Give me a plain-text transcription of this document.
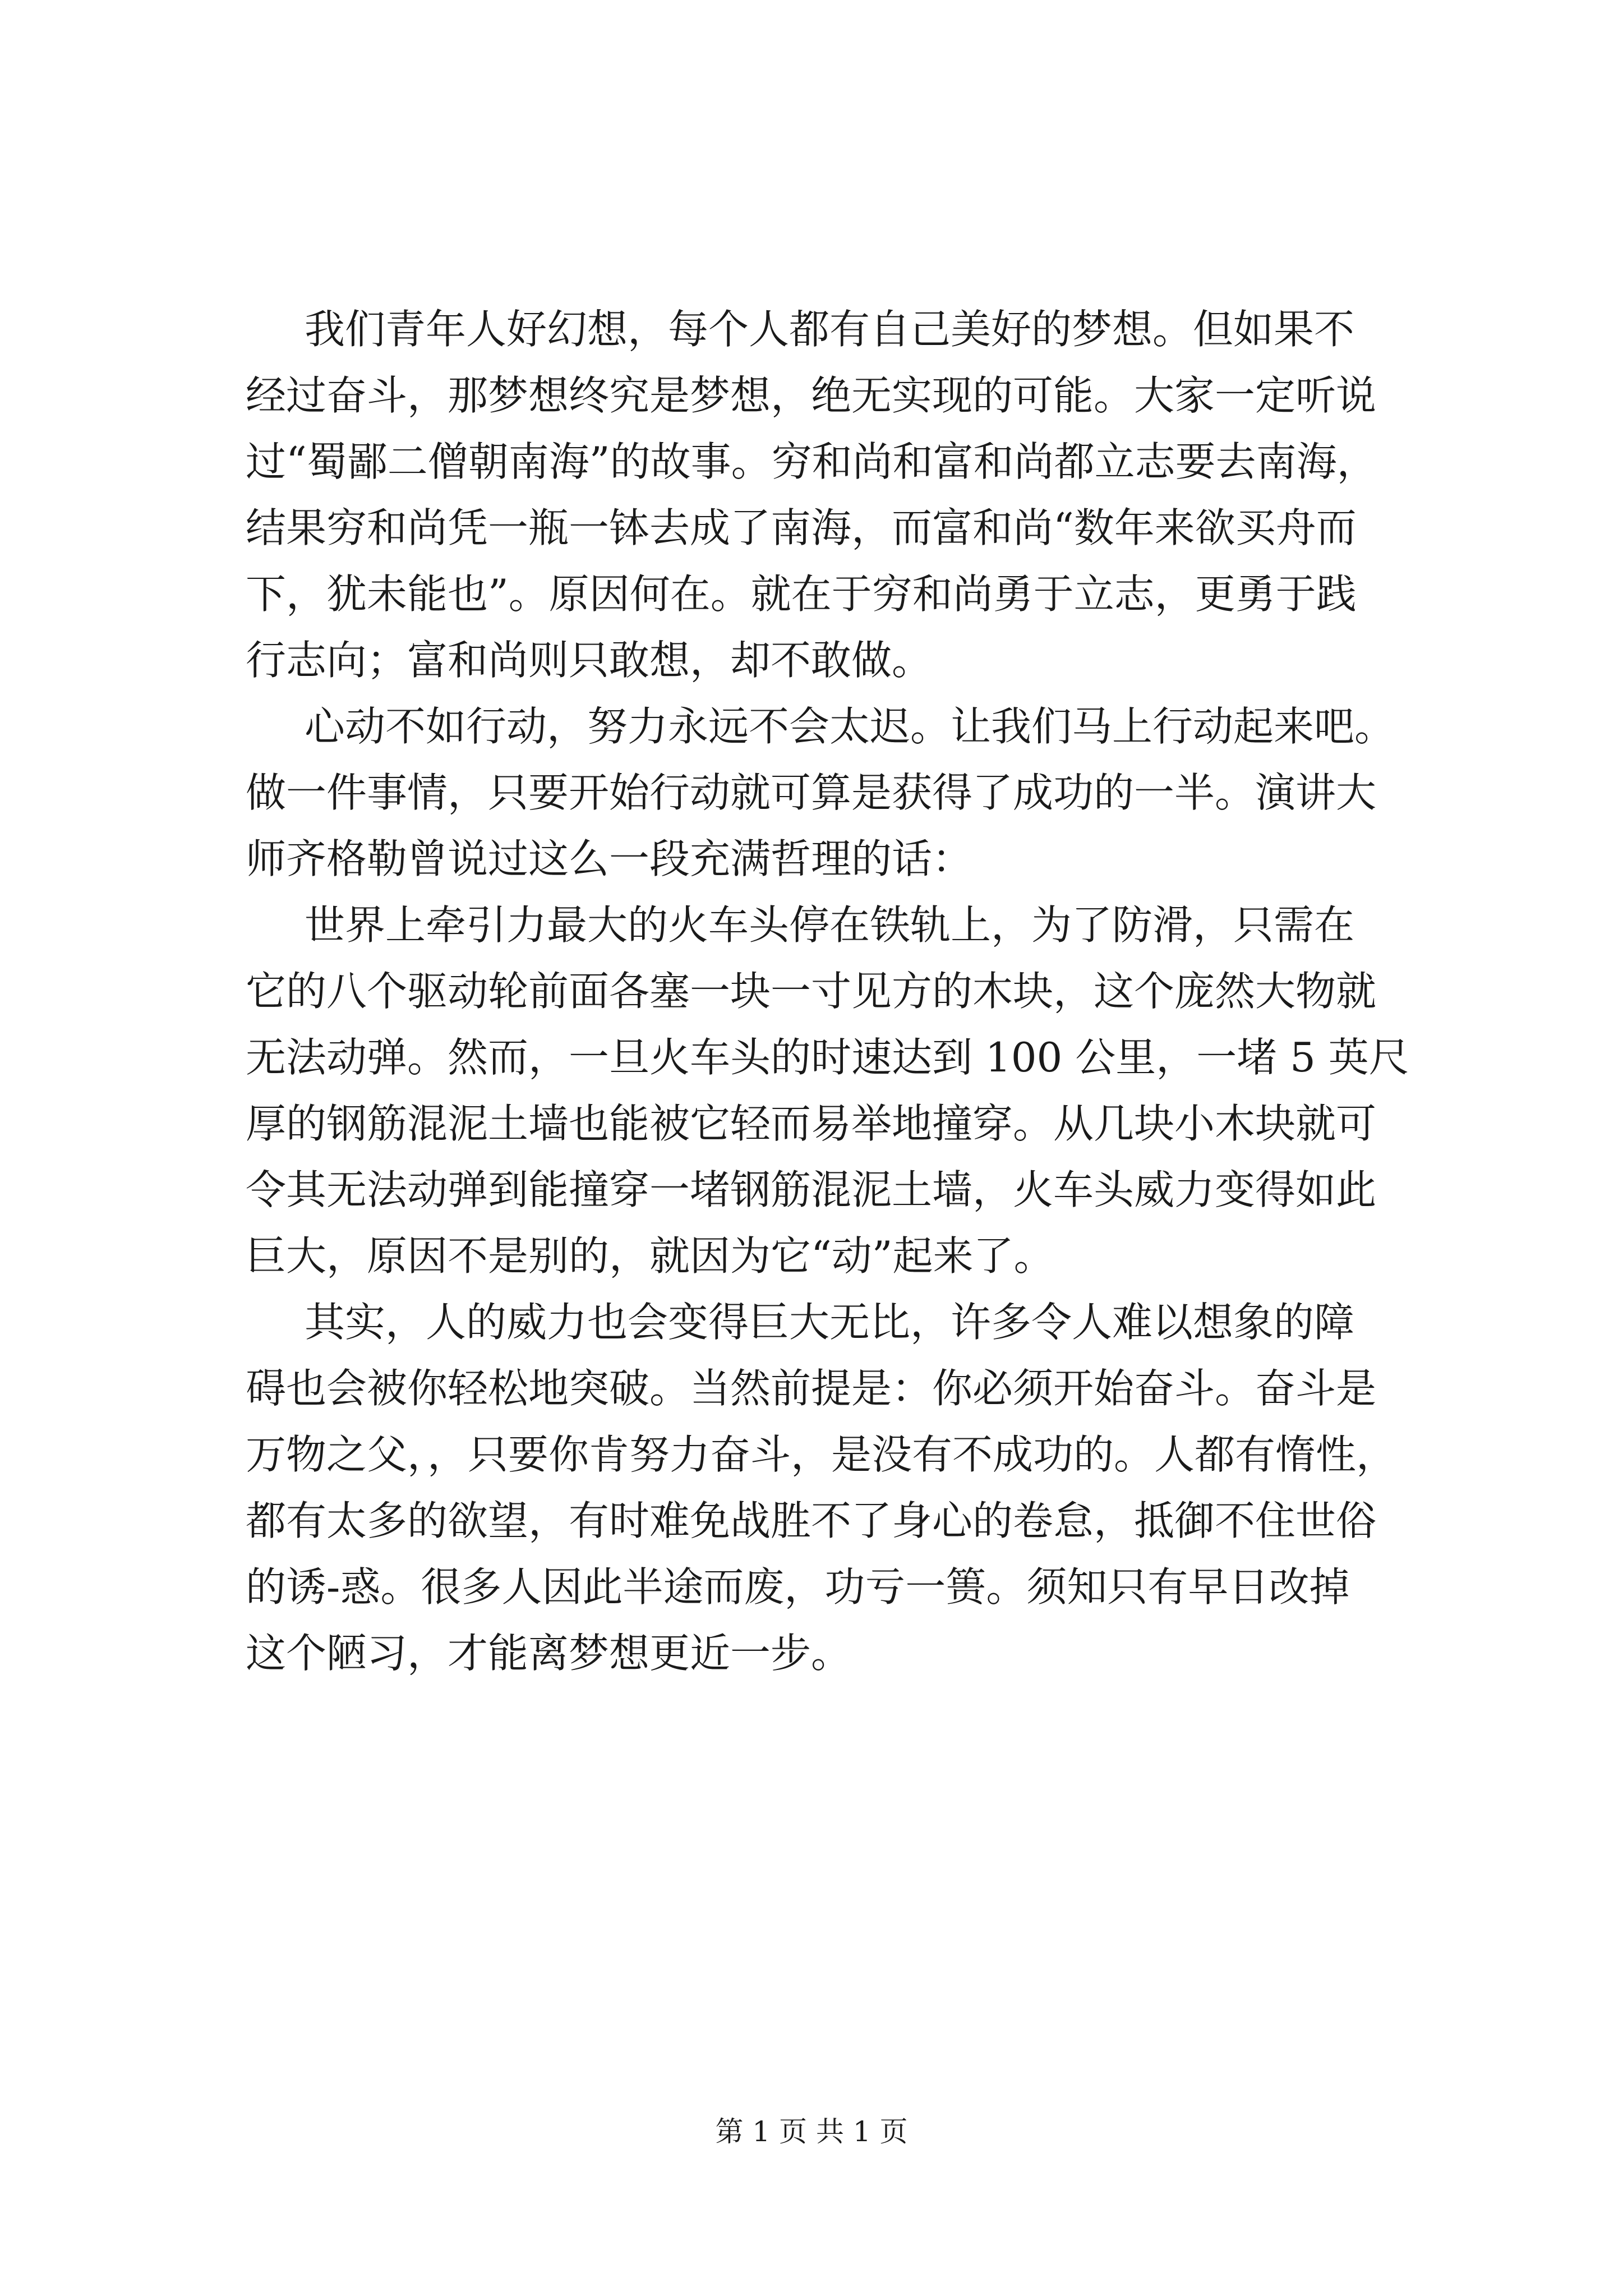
我们青年人好幻想，每个人都有自己美好的梦想。但如果不
经过奋斗，那梦想终究是梦想，绝无实现的可能。大家一定听说
过“蜀鄙二僧朝南海”的故事。穷和尚和富和尚都立志要去南海，
结果穷和尚凭一瓶一钵去成了南海，而富和尚“数年来欲买舟而
下，犹未能也”。原因何在。就在于穷和尚勇于立志，更勇于践
行志向；富和尚则只敢想，却不敢做。
心动不如行动，努力永远不会太迟。让我们马上行动起来吧。
做一件事情，只要开始行动就可算是获得了成功的一半。演讲大
师齐格勒曾说过这么一段充满哲理的话：
世界上牵引力最大的火车头停在铁轨上，为了防滑，只需在
它的八个驱动轮前面各塞一块一寸见方的木块，这个庞然大物就
无法动弹。然而，一旦火车头的时速达到 100 公里，一堵 5 英尺
厚的钢筋混泥土墙也能被它轻而易举地撞穿。从几块小木块就可
令其无法动弹到能撞穿一堵钢筋混泥土墙，火车头威力变得如此
巨大，原因不是别的，就因为它“动”起来了。
其实，人的威力也会变得巨大无比，许多令人难以想象的障
碍也会被你轻松地突破。当然前提是：你必须开始奋斗。奋斗是
万物之父，，只要你肯努力奋斗，是没有不成功的。人都有惰性，
都有太多的欲望，有时难免战胜不了身心的卷怠，抵御不住世俗
的诱-惑。很多人因此半途而废，功亏一篑。须知只有早日改掉
这个陋习，才能离梦想更近一步。
第 1 页 共 1 页
